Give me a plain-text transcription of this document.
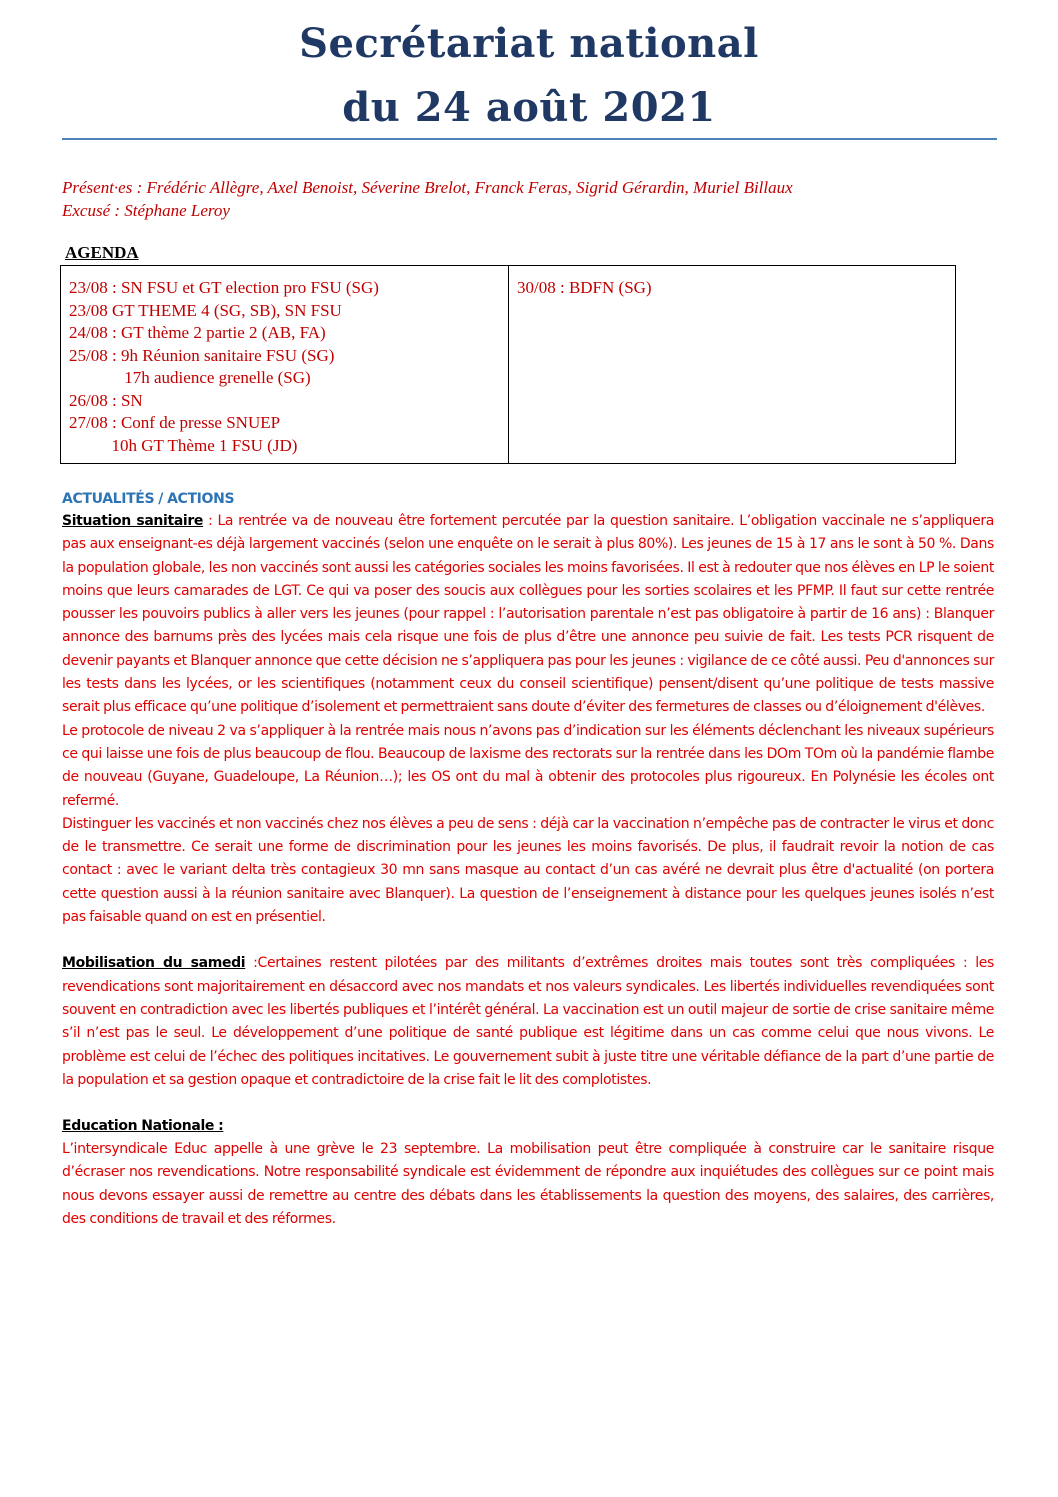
Secrétariat national
du 24 août 2021
Présent·es : Frédéric Allègre, Axel Benoist, Séverine Brelot, Franck Feras, Sigrid Gérardin, Muriel Billaux
Excusé : Stéphane Leroy
AGENDA
23/08 : SN FSU et GT election pro FSU (SG)
23/08 GT THEME 4 (SG, SB), SN FSU
24/08 : GT thème 2 partie 2 (AB, FA)
25/08 : 9h Réunion sanitaire FSU (SG)
17h audience grenelle (SG)
26/08 : SN
27/08 : Conf de presse SNUEP
10h GT Thème 1 FSU (JD)
30/08 : BDFN (SG)
ACTUALITÉS / ACTIONS

Situation sanitaire : La rentrée va de nouveau être fortement percutée par la question sanitaire. L’obligation vaccinale ne s’appliquera pas aux enseignant-es déjà largement vaccinés (selon une enquête on le serait à plus 80%). Les jeunes de 15 à 17 ans le sont à 50 %. Dans la population globale, les non vaccinés sont aussi les catégories sociales les moins favorisées. Il est à redouter que nos élèves en LP le soient moins que leurs camarades de LGT. Ce qui va poser des soucis aux collègues pour les sorties scolaires et les PFMP. Il faut sur cette rentrée pousser les pouvoirs publics à aller vers les jeunes (pour rappel : l’autorisation parentale n’est pas obligatoire à partir de 16 ans) : Blanquer annonce des barnums près des lycées mais cela risque une fois de plus d’être une annonce peu suivie de fait. Les tests PCR risquent de devenir payants et Blanquer annonce que cette décision ne s’appliquera pas pour les jeunes : vigilance de ce côté aussi. Peu d'annonces sur les tests dans les lycées, or les scientifiques (notamment ceux du conseil scientifique) pensent/disent qu’une politique de tests massive serait plus efficace qu’une politique d’isolement et permettraient sans doute d’éviter des fermetures de classes ou d’éloignement d'élèves.

Le protocole de niveau 2 va s’appliquer à la rentrée mais nous n’avons pas d’indication sur les éléments déclenchant les niveaux supérieurs ce qui laisse une fois de plus beaucoup de flou. Beaucoup de laxisme des rectorats sur la rentrée dans les DOm TOm où la pandémie flambe de nouveau (Guyane, Guadeloupe, La Réunion…); les OS ont du mal à obtenir des protocoles plus rigoureux. En Polynésie les écoles ont refermé.

Distinguer les vaccinés et non vaccinés chez nos élèves a peu de sens : déjà car la vaccination n’empêche pas de contracter le virus et donc de le transmettre. Ce serait une forme de discrimination pour les jeunes les moins favorisés. De plus, il faudrait revoir la notion de cas contact : avec le variant delta très contagieux 30 mn sans masque au contact d’un cas avéré ne devrait plus être d'actualité (on portera cette question aussi à la réunion sanitaire avec Blanquer). La question de l’enseignement à distance pour les quelques jeunes isolés n’est pas faisable quand on est en présentiel.

Mobilisation du samedi :Certaines restent pilotées par des militants d’extrêmes droites mais toutes sont très compliquées : les revendications sont majoritairement en désaccord avec nos mandats et nos valeurs syndicales. Les libertés individuelles revendiquées sont souvent en contradiction avec les libertés publiques et l’intérêt général. La vaccination est un outil majeur de sortie de crise sanitaire même s’il n’est pas le seul. Le développement d’une politique de santé publique est légitime dans un cas comme celui que nous vivons. Le problème est celui de l’échec des politiques incitatives. Le gouvernement subit à juste titre une véritable défiance de la part d’une partie de la population et sa gestion opaque et contradictoire de la crise fait le lit des complotistes.

Education Nationale :

L’intersyndicale Educ appelle à une grève le 23 septembre. La mobilisation peut être compliquée à construire car le sanitaire risque d’écraser nos revendications. Notre responsabilité syndicale est évidemment de répondre aux inquiétudes des collègues sur ce point mais nous devons essayer aussi de remettre au centre des débats dans les établissements la question des moyens, des salaires, des carrières, des conditions de travail et des réformes.
